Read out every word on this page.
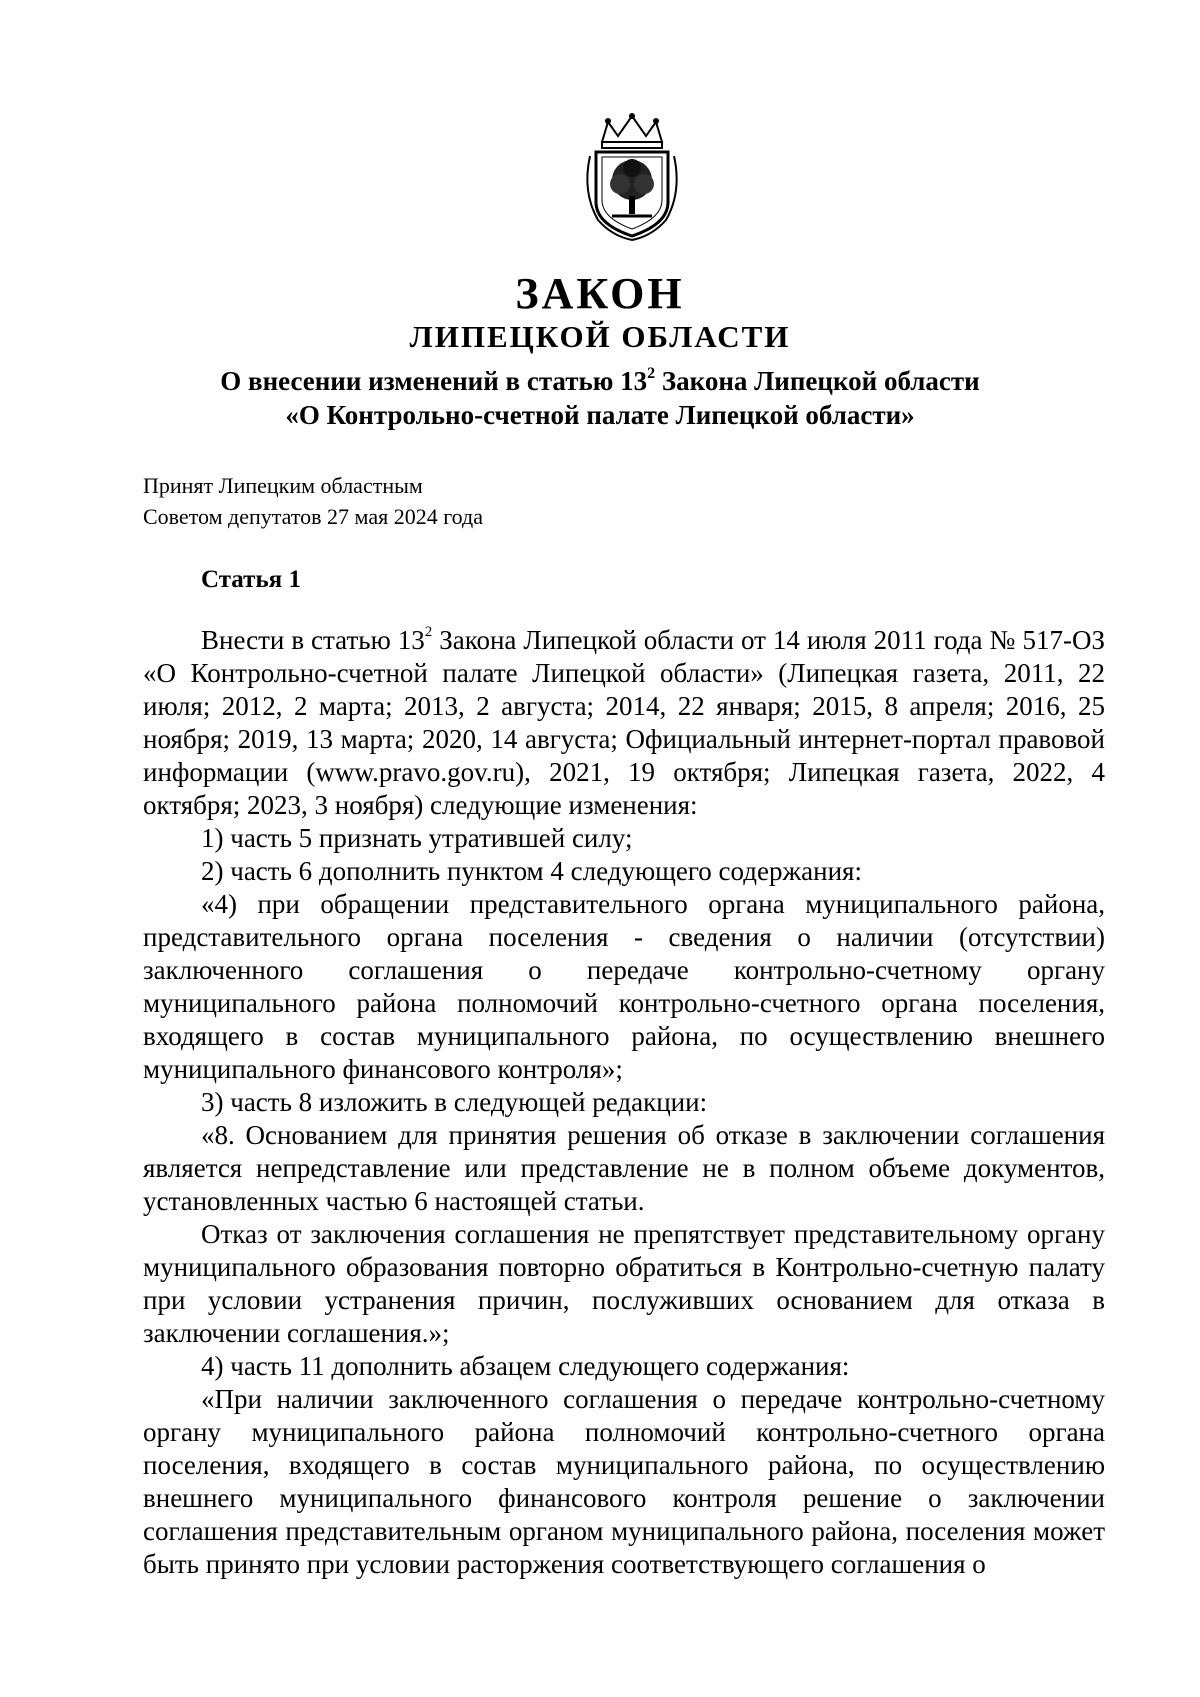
ЗАКОН
ЛИПЕЦКОЙ ОБЛАСТИ
О внесении изменений в статью $13^2$ Закона Липецкой области
«О Контрольно-счетной палате Липецкой области»
Принят Липецким областным
Советом депутатов 27 мая 2024 года
Статья 1

Внести в статью $13^2$ Закона Липецкой области от 14 июля 2011 года № 517-ОЗ «О Контрольно-счетной палате Липецкой области» (Липецкая газета, 2011, 22 июля; 2012, 2 марта; 2013, 2 августа; 2014, 22 января; 2015, 8 апреля; 2016, 25 ноября; 2019, 13 марта; 2020, 14 августа; Официальный интернет-портал правовой информации (www.pravo.gov.ru), 2021, 19 октября; Липецкая газета, 2022, 4 октября; 2023, 3 ноября) следующие изменения:

1) часть 5 признать утратившей силу;

2) часть 6 дополнить пунктом 4 следующего содержания:

«4) при обращении представительного органа муниципального района, представительного органа поселения - сведения о наличии (отсутствии) заключенного соглашения о передаче контрольно-счетному органу муниципального района полномочий контрольно-счетного органа поселения, входящего в состав муниципального района, по осуществлению внешнего муниципального финансового контроля»;

3) часть 8 изложить в следующей редакции:

«8. Основанием для принятия решения об отказе в заключении соглашения является непредставление или представление не в полном объеме документов, установленных частью 6 настоящей статьи.

Отказ от заключения соглашения не препятствует представительному органу муниципального образования повторно обратиться в Контрольно-счетную палату при условии устранения причин, послуживших основанием для отказа в заключении соглашения.»;

4) часть 11 дополнить абзацем следующего содержания:

«При наличии заключенного соглашения о передаче контрольно-счетному органу муниципального района полномочий контрольно-счетного органа поселения, входящего в состав муниципального района, по осуществлению внешнего муниципального финансового контроля решение о заключении соглашения представительным органом муниципального района, поселения может быть принято при условии расторжения соответствующего соглашения о
